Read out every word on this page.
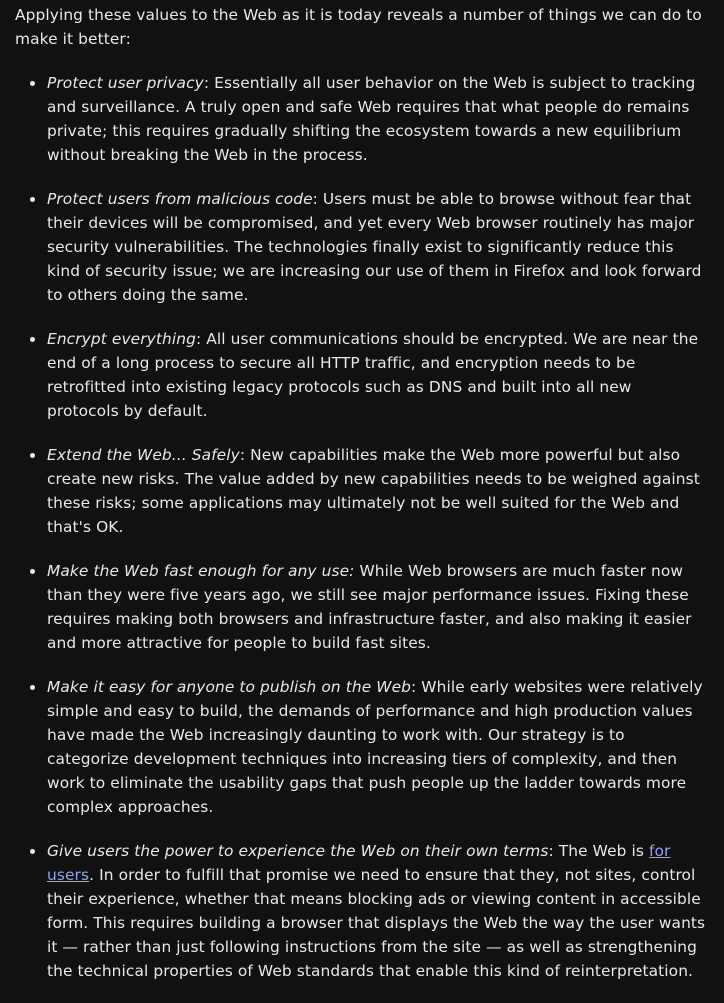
Applying these values to the Web as it is today reveals a number of things we can do to make it better:

Protect user privacy: Essentially all user behavior on the Web is subject to tracking and surveillance. A truly open and safe Web requires that what people do remains private; this requires gradually shifting the ecosystem towards a new equilibrium without breaking the Web in the process.
Protect users from malicious code: Users must be able to browse without fear that their devices will be compromised, and yet every Web browser routinely has major security vulnerabilities. The technologies finally exist to significantly reduce this kind of security issue; we are increasing our use of them in Firefox and look forward to others doing the same.
Encrypt everything: All user communications should be encrypted. We are near the end of a long process to secure all HTTP traffic, and encryption needs to be retrofitted into existing legacy protocols such as DNS and built into all new protocols by default.
Extend the Web... Safely: New capabilities make the Web more powerful but also create new risks. The value added by new capabilities needs to be weighed against these risks; some applications may ultimately not be well suited for the Web and that's OK.
Make the Web fast enough for any use: While Web browsers are much faster now than they were five years ago, we still see major performance issues. Fixing these requires making both browsers and infrastructure faster, and also making it easier and more attractive for people to build fast sites.
Make it easy for anyone to publish on the Web: While early websites were relatively simple and easy to build, the demands of performance and high production values have made the Web increasingly daunting to work with. Our strategy is to categorize development techniques into increasing tiers of complexity, and then work to eliminate the usability gaps that push people up the ladder towards more complex approaches.
Give users the power to experience the Web on their own terms: The Web is for users. In order to fulfill that promise we need to ensure that they, not sites, control their experience, whether that means blocking ads or viewing content in accessible form. This requires building a browser that displays the Web the way the user wants it — rather than just following instructions from the site — as well as strengthening the technical properties of Web standards that enable this kind of reinterpretation.
